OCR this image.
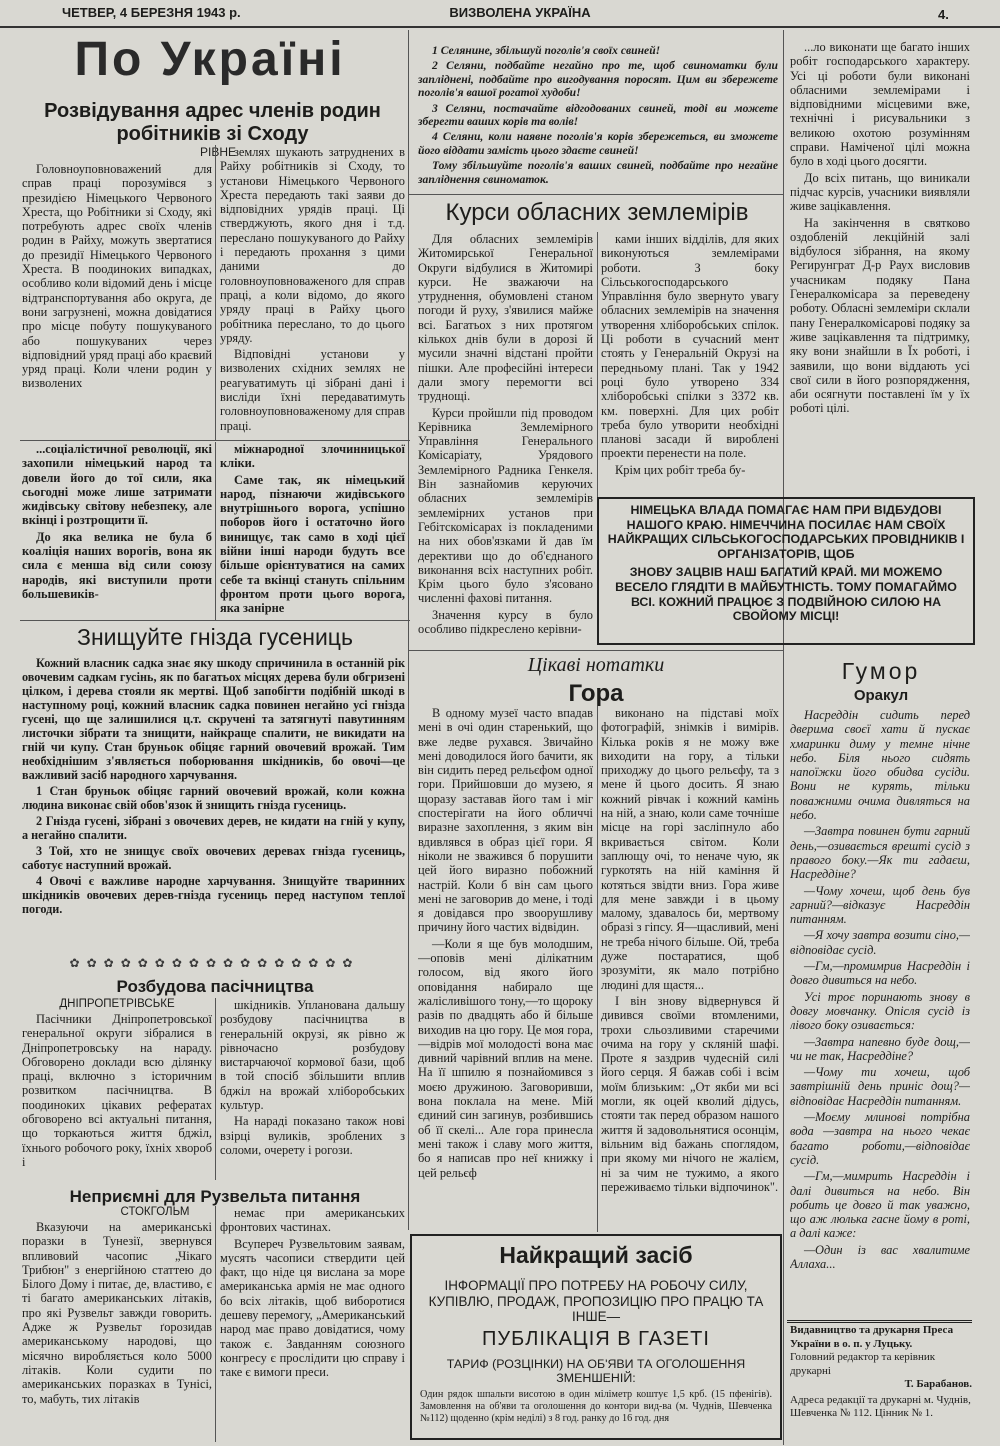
ЧЕТВЕР, 4 БЕРЕЗНЯ 1943 р.	ВИЗВОЛЕНА УКРАЇНА	4.
По Україні
Розвідування адрес членів родин робітників зі Сходу
РІВНЕ

Головноуповноважений для справ праці порозумівся з президією Німецького Червоного Хреста, що Робітники зі Сходу, які потребують адрес своїх членів родин в Райху, можуть звертатися до президії Німецького Червоного Хреста. В поодиноких випадках, особливо коли відомий день і місце відтранспортування або округа, де вони загрузнені, можна довідатися про місце побуту пошукуваного або пошукуваних через відповідний уряд праці або краєвий уряд праці. Коли члени родин у визволених

землях шукають затруднених в Райху робітників зі Сходу, то установи Німецького Червоного Хреста передають такі заяви до відповідних урядів праці. Ці стверджують, якого дня і т.д. переслано пошукуваного до Райху і передають прохання з цими даними до головноуповноваженого для справ праці, а коли відомо, до якого уряду праці в Райху цього робітника переслано, то до цього уряду.

Відповідні установи у визволених східних землях не реагуватимуть ці зібрані дані і висліди їхні передаватимуть головноуповноваженому для справ праці.

...соціалістичної революції, які захопили німецький народ та довели його до тої сили, яка сьогодні може лише затримати жидівську світову небезпеку, але вкінці і розтрощити її.

До яка велика не була б коаліція наших ворогів, вона як сила є менша від сили союзу народів, які виступили проти большевиків-

міжнародної злочинницької кліки.

Саме так, як німецький народ, пізнаючи жидівського внутрішнього ворога, успішно поборов його і остаточно його винищує, так само в ході цієї війни інші народи будуть все більше орієнтуватися на самих себе та вкінці стануть спільним фронтом проти цього ворога, яка занірне

1 Селянине, збільшуй поголів'я своїх свиней!

2 Селяни, подбайте негайно про те, щоб свиноматки були запліднені, подбайте про вигодування поросят. Цим ви збережете поголів'я вашої рогатої худоби!

3 Селяни, постачайте відгодованих свиней, тоді ви можете зберегти ваших корів та волів!

4 Селяни, коли наявне поголів'я корів збережеться, ви зможете його віддати замість цього здаєте свиней!

Тому збільшуйте поголів'я ваших свиней, подбайте про негайне запліднення свиноматок.

Курси обласних землемірів

Для обласних землемірів Житомирської Генеральної Округи відбулися в Житомирі курси. Не зважаючи на утруднення, обумовлені станом погоди й руху, з'явилися майже всі. Багатьох з них протягом кількох днів були в дорозі й мусили значні відстані пройти пішки. Але професійні інтереси дали змогу перемогти всі труднощі.

Курси пройшли під проводом Керівника Землемірного Управління Генерального Комісаріату, Урядового Землемірного Радника Генкеля. Він зазнайомив керуючих обласних землемірів землемірних установ при Гебітскомісарах із покладеними на них обов'язками й дав їм дерективи що до об'єднаного виконання всіх наступних робіт. Крім цього було з'ясовано численні фахові питання.

Значення курсу в було особливо підкреслено керівни-

ками інших відділів, для яких виконуються землемірами роботи. З боку Сільськогосподарського Управління було звернуто увагу обласних землемірів на значення утворення хліборобських спілок. Ці роботи в сучасний мент стоять у Генеральній Окрузі на передньому плані. Так у 1942 році було утворено 334 хліборобські спілки з 3372 кв. км. поверхні. Для цих робіт треба було утворити необхідні планові засади й вироблені проекти перенести на поле.

Крім цих робіт треба бу-

...ло виконати ще багато інших робіт господарського характеру. Усі ці роботи були виконані обласними землемірами і відповідними місцевими вже, технічні і рисувальники з великою охотою розумінням справи. Наміченої цілі можна було в ході цього досягти.

До всіх питань, що виникали підчас курсів, учасники виявляли живе зацікавлення.

На закінчення в святково оздобленій лекційній залі відбулося зібрання, на якому Регирунграт Д-р Раух висловив учасникам подяку Пана Генералкомісара за переведену роботу. Обласні землеміри склали пану Генералкомісарові подяку за живе зацікавлення та підтримку, яку вони знайшли в Їх роботі, і заявили, що вони віддають усі свої сили в його розпорядження, аби осягнути поставлені їм у їх роботі цілі.

НІМЕЦЬКА ВЛАДА ПОМАГАЄ НАМ ПРИ ВІДБУДОВІ НАШОГО КРАЮ. НІМЕЧЧИНА ПОСИЛАЄ НАМ СВОЇХ НАЙКРАЩИХ СІЛЬСЬКОГОСПОДАРСЬКИХ ПРОВІДНИКІВ І ОРГАНІЗАТОРІВ, ЩОБ
ЗНОВУ ЗАЦВІВ НАШ БАГАТИЙ КРАЙ. МИ МОЖЕМО ВЕСЕЛО ГЛЯДІТИ В МАЙБУТНІСТЬ. ТОМУ ПОМАГАЙМО ВСІ. КОЖНИЙ ПРАЦЮЄ З ПОДВІЙНОЮ СИЛОЮ НА СВОЙОМУ МІСЦІ!
Знищуйте гнізда гусениць

Кожний власник садка знає яку шкоду спричинила в останній рік овочевим садкам гусінь, як по багатьох місцях дерева були обгризені цілком, і дерева стояли як мертві. Щоб запобігти подібній шкоді в наступному році, кожний власник садка повинен негайно усі гнізда гусені, що ще залишилися ц.т. скручені та затягнуті павутинням листочки зібрати та знищити, найкраще спалити, не викидати на гній чи купу. Стан бруньок обіцяє гарний овочевий врожай. Тим необхіднішим з'являється поборювання шкідників, бо овочі—це важливий засіб народного харчування.

1 Стан бруньок обіцяє гарний овочевий врожай, коли кожна людина виконає свій обов'язок й знищить гнізда гусениць.

2 Гнізда гусені, зібрані з овочевих дерев, не кидати на гній у купу, а негайно спалити.

3 Той, хто не знищує своїх овочевих деревах гнізда гусениць, саботує наступний врожай.

4 Овочі є важливе народне харчування. Знищуйте тваринних шкідників овочевих дерев-гнізда гусениць перед наступом теплої погоди.

✿ ✿ ✿ ✿ ✿ ✿ ✿ ✿ ✿ ✿ ✿ ✿ ✿ ✿ ✿ ✿ ✿
Розбудова пасічництва
ДНІПРОПЕТРІВСЬКЕ

Пасічники Дніпропетровської генеральної округи зібралися в Дніпропетровську на нараду. Обговорено доклади всю ділянку праці, включно з історичним розвитком пасічництва. В поодиноких цікавих рефератах обговорено всі актуальні питання, що торкаються життя бджіл, їхнього робочого року, їхніх хвороб і

шкідників. Упланована дальшу розбудову пасічництва в генеральній окрузі, як рівно ж рівночасно розбудову вистарчаючої кормової бази, щоб в той спосіб збільшити вплив бджіл на врожай хліборобських культур.

На нараді показано також нові взірці вуликів, зроблених з соломи, очерету і рогози.

Неприємні для Рузвельта питання
СТОКГОЛЬМ

Вказуючи на американські поразки в Тунезії, звернувся впливовий часопис „Чікаго Трибюн" з енергійною статтею до Білого Дому і питає, де, властиво, є ті багато американських літаків, про які Рузвельт завжди говорить. Адже ж Рузвельт ґорозидав американському народові, що місячно виробляється коло 5000 літаків. Коли судити по американських поразках в Тунісі, то, мабуть, тих літаків

немає при американських фронтових частинах.

Всупереч Рузвельтовим заявам, мусять часописи ствердити цей факт, що ніде ця вислана за море американська армія не має одного бо всіх літаків, щоб виборотися дешеву перемогу, „Американський народ має право довідатися, чому також є. Завданням союзного конгресу є прослідити цю справу і таке є вимоги преси.

Цікаві нотатки
Гора

В одному музеї часто впадав мені в очі один старенький, що вже ледве рухався. Звичайно мені доводилося його бачити, як він сидить перед рельєфом одної гори. Прийшовши до музею, я щоразу заставав його там і міг спостерігати на його обличчі виразне захоплення, з яким він вдивлявся в образ цієї гори. Я ніколи не зважився б порушити цей його виразно побожний настрій. Коли б він сам цього мені не заговорив до мене, і тоді я довідався про звоорушливу причину його частих відвідин.

—Коли я ще був молодшим,—оповів мені ділікатним голосом, від якого його оповідання набирало ще жалісливішого тону,—то щороку разів по двадцять або й більше виходив на цю гору. Це моя гора,—відрів мої молодості вона має дивний чарівний вплив на мене. На її шпилю я познайомився з моєю дружиною. Заговоривши, вона поклала на мене. Мій єдиний син загинув, розбившись об її скелі... Але гора принесла мені також і славу мого життя, бо я написав про неї книжку і цей рельєф

виконано на підставі моїх фотографій, знімків і вимірів. Кілька років я не можу вже виходити на гору, а тільки приходжу до цього рельєфу, та з мене й цього досить. Я знаю кожний рівчак і кожний камінь на ній, а знаю, коли саме точніше місце на горі засліпнуло або вкривається світом. Коли заплющу очі, то неначе чую, як гуркотять на ній каміння й котяться звідти вниз. Гора живе для мене завжди і в цьому малому, здавалось би, мертвому образі з гіпсу. Я—щасливий, мені не треба нічого більше. Ой, треба дуже постаратися, щоб зрозуміти, як мало потрібно людині для щастя...

І він знову відвернувся й дивився своїми втомленими, трохи сльозливими старечими очима на гору у скляній шафі. Проте я заздрив чудесній силі його серця. Я бажав собі і всім моїм близьким: „От якби ми всі могли, як оцей кволий дідусь, стояти так перед образом нашого життя й задовольнятися осонцім, вільним від бажань споглядом, при якому ми нічого не жалієм, ні за чим не тужимо, а якого переживаємо тільки відпочинок".

Найкращий засіб
ІНФОРМАЦІЇ ПРО ПОТРЕБУ НА РОБОЧУ СИЛУ, КУПІВЛЮ, ПРОДАЖ, ПРОПОЗИЦІЮ ПРО ПРАЦЮ ТА ІНШЕ—
ПУБЛІКАЦІЯ В ГАЗЕТІ
ТАРИФ (РОЗЦІНКИ) НА ОБ'ЯВИ ТА ОГОЛОШЕННЯ ЗМЕНШЕНІЙ:
Один рядок шпальти висотою в один міліметр коштує 1,5 крб. (15 пфенігів). Замовлення на об'яви та оголошення до контори вид-ва (м. Чуднів, Шевченка №112) щоденно (крім неділі) з 8 год. ранку до 16 год. дня
Гумор
Оракул

Насреддін сидить перед дверима своєї хати й пускає хмаринки диму у темне нічне небо. Біля нього сидять напоїжки його обидва сусіди. Вони не курять, тільки поважними очима дивляться на небо.

—Завтра повинен бути гарний день,—озивається врешті сусід з правого боку.—Як ти гадаєш, Насреддіне?

—Чому хочеш, щоб день був гарний?—відказує Насреддін питанням.

—Я хочу завтра возити сіно,—відповідає сусід.

—Гм,—промимрив Насреддін і довго дивиться на небо.

Усі троє поринають знову в довгу мовчанку. Опісля сусід із лівого боку озивається:

—Завтра напевно буде дощ,—чи не так, Насреддіне?

—Чому ти хочеш, щоб завтрішній день приніс дощ?—відповідає Насреддін питанням.

—Моєму млинові потрібна вода —завтра на нього чекає багато роботи,—відповідає сусід.

—Гм,—мимрить Насреддін і далі дивиться на небо. Він робить це довго й так уважно, що аж люлька гасне йому в роті, а далі каже:

—Один із вас хвалитиме Аллаха...

Видавництво та друкарня Преса України в о. п. у Луцьку.
Головний редактор та керівник друкарні
Т. Барабанов.
Адреса редакції та друкарні м. Чуднів, Шевченка № 112. Цінник № 1.
